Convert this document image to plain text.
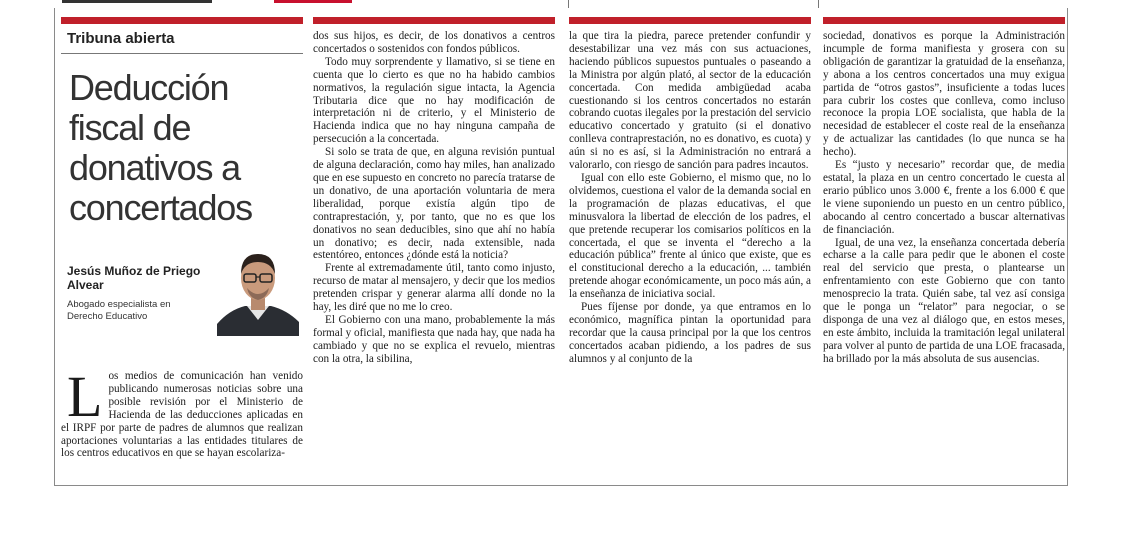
Tribuna abierta
Deducción fiscal de donativos a concertados
Jesús Muñoz de Priego Alvear
Abogado especialista en Derecho Educativo
L os medios de comunicación han venido publicando numerosas noticias sobre una posible revisión por el Ministerio de Hacienda de las deducciones aplicadas en el IRPF por parte de padres de alumnos que realizan aportaciones voluntarias a las entidades titulares de los centros educativos en que se hayan escolariza-

dos sus hijos, es decir, de los donativos a centros concertados o sostenidos con fondos públicos.

Todo muy sorprendente y llamativo, si se tiene en cuenta que lo cierto es que no ha habido cambios normativos, la regulación sigue intacta, la Agencia Tributaria dice que no hay modificación de interpretación ni de criterio, y el Ministerio de Hacienda indica que no hay ninguna campaña de persecución a la concertada.

Si solo se trata de que, en alguna revisión puntual de alguna declaración, como hay miles, han analizado que en ese supuesto en concreto no parecía tratarse de un donativo, de una aportación voluntaria de mera liberalidad, porque existía algún tipo de contraprestación, y, por tanto, que no es que los donativos no sean deducibles, sino que ahí no había un donativo; es decir, nada extensible, nada estentóreo, entonces ¿dónde está la noticia?

Frente al extremadamente útil, tanto como injusto, recurso de matar al mensajero, y decir que los medios pretenden crispar y generar alarma allí donde no la hay, les diré que no me lo creo.

El Gobierno con una mano, probablemente la más formal y oficial, manifiesta que nada hay, que nada ha cambiado y que no se explica el revuelo, mientras con la otra, la sibilina,

la que tira la piedra, parece pretender confundir y desestabilizar una vez más con sus actuaciones, haciendo públicos supuestos puntuales o paseando a la Ministra por algún plató, al sector de la educación concertada. Con medida ambigüedad acaba cuestionando si los centros concertados no estarán cobrando cuotas ilegales por la prestación del servicio educativo concertado y gratuito (si el donativo conlleva contraprestación, no es donativo, es cuota) y aún si no es así, si la Administración no entrará a valorarlo, con riesgo de sanción para padres incautos.

Igual con ello este Gobierno, el mismo que, no lo olvidemos, cuestiona el valor de la demanda social en la programación de plazas educativas, el que minusvalora la libertad de elección de los padres, el que pretende recuperar los comisarios políticos en la concertada, el que se inventa el “derecho a la educación pública” frente al único que existe, que es el constitucional derecho a la educación, ... también pretende ahogar económicamente, un poco más aún, a la enseñanza de iniciativa social.

Pues fíjense por donde, ya que entramos en lo económico, magnífica pintan la oportunidad para recordar que la causa principal por la que los centros concertados acaban pidiendo, a los padres de sus alumnos y al conjunto de la

sociedad, donativos es porque la Administración incumple de forma manifiesta y grosera con su obligación de garantizar la gratuidad de la enseñanza, y abona a los centros concertados una muy exigua partida de “otros gastos”, insuficiente a todas luces para cubrir los costes que conlleva, como incluso reconoce la propia LOE socialista, que habla de la necesidad de establecer el coste real de la enseñanza y de actualizar las cantidades (lo que nunca se ha hecho).

Es “justo y necesario” recordar que, de media estatal, la plaza en un centro concertado le cuesta al erario público unos 3.000 €, frente a los 6.000 € que le viene suponiendo un puesto en un centro público, abocando al centro concertado a buscar alternativas de financiación.

Igual, de una vez, la enseñanza concertada debería echarse a la calle para pedir que le abonen el coste real del servicio que presta, o plantearse un enfrentamiento con este Gobierno que con tanto menosprecio la trata. Quién sabe, tal vez así consiga que le ponga un “relator” para negociar, o se disponga de una vez al diálogo que, en estos meses, en este ámbito, incluida la tramitación legal unilateral para volver al punto de partida de una LOE fracasada, ha brillado por la más absoluta de sus ausencias.
